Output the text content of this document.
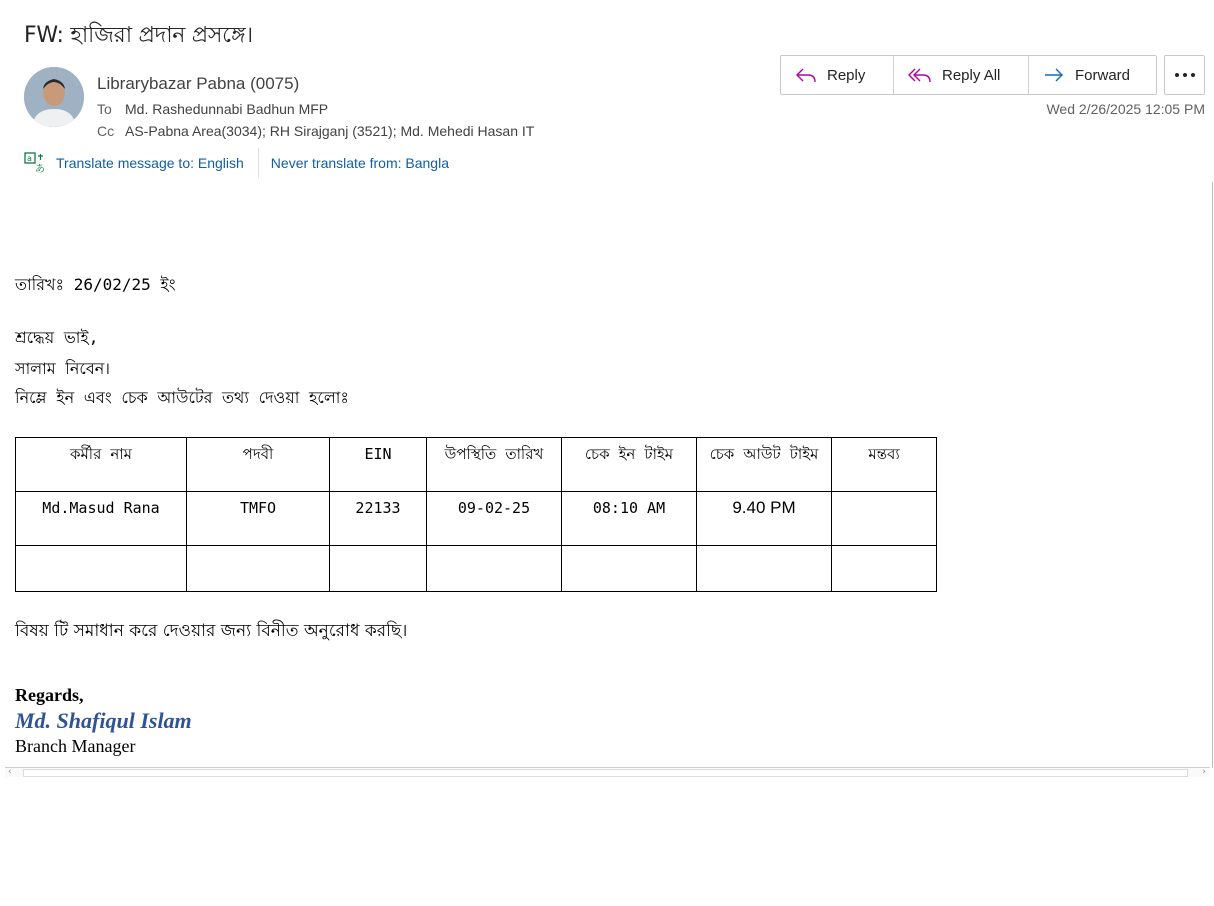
FW: হাজিরা প্রদান প্রসঙ্গে।
Librarybazar Pabna (0075)
To Md. Rashedunnabi Badhun MFP
Cc AS-Pabna Area(3034); RH Sirajganj (3521); Md. Mehedi Hasan IT
Reply	Reply All	Forward
Wed 2/26/2025 12:05 PM
a
あ Translate message to: English Never translate from: Bangla

তারিখঃ 26/02/25 ইং

শ্রদ্ধেয় ভাই,

সালাম নিবেন।

নিম্লে ইন এবং চেক আউটের তথ্য দেওয়া হলোঃ

কর্মীর নাম	পদবী	EIN	উপস্থিতি তারিখ	চেক ইন টাইম	চেক আউট টাইম	মন্তব্য
Md.Masud Rana	TMFO	22133	09-02-25	08:10 AM	9.40 PM	

বিষয় টি সমাধান করে দেওয়ার জন্য বিনীত অনুরোধ করছি।

Regards,

Md. Shafiqul Islam

Branch Manager

‹	›
